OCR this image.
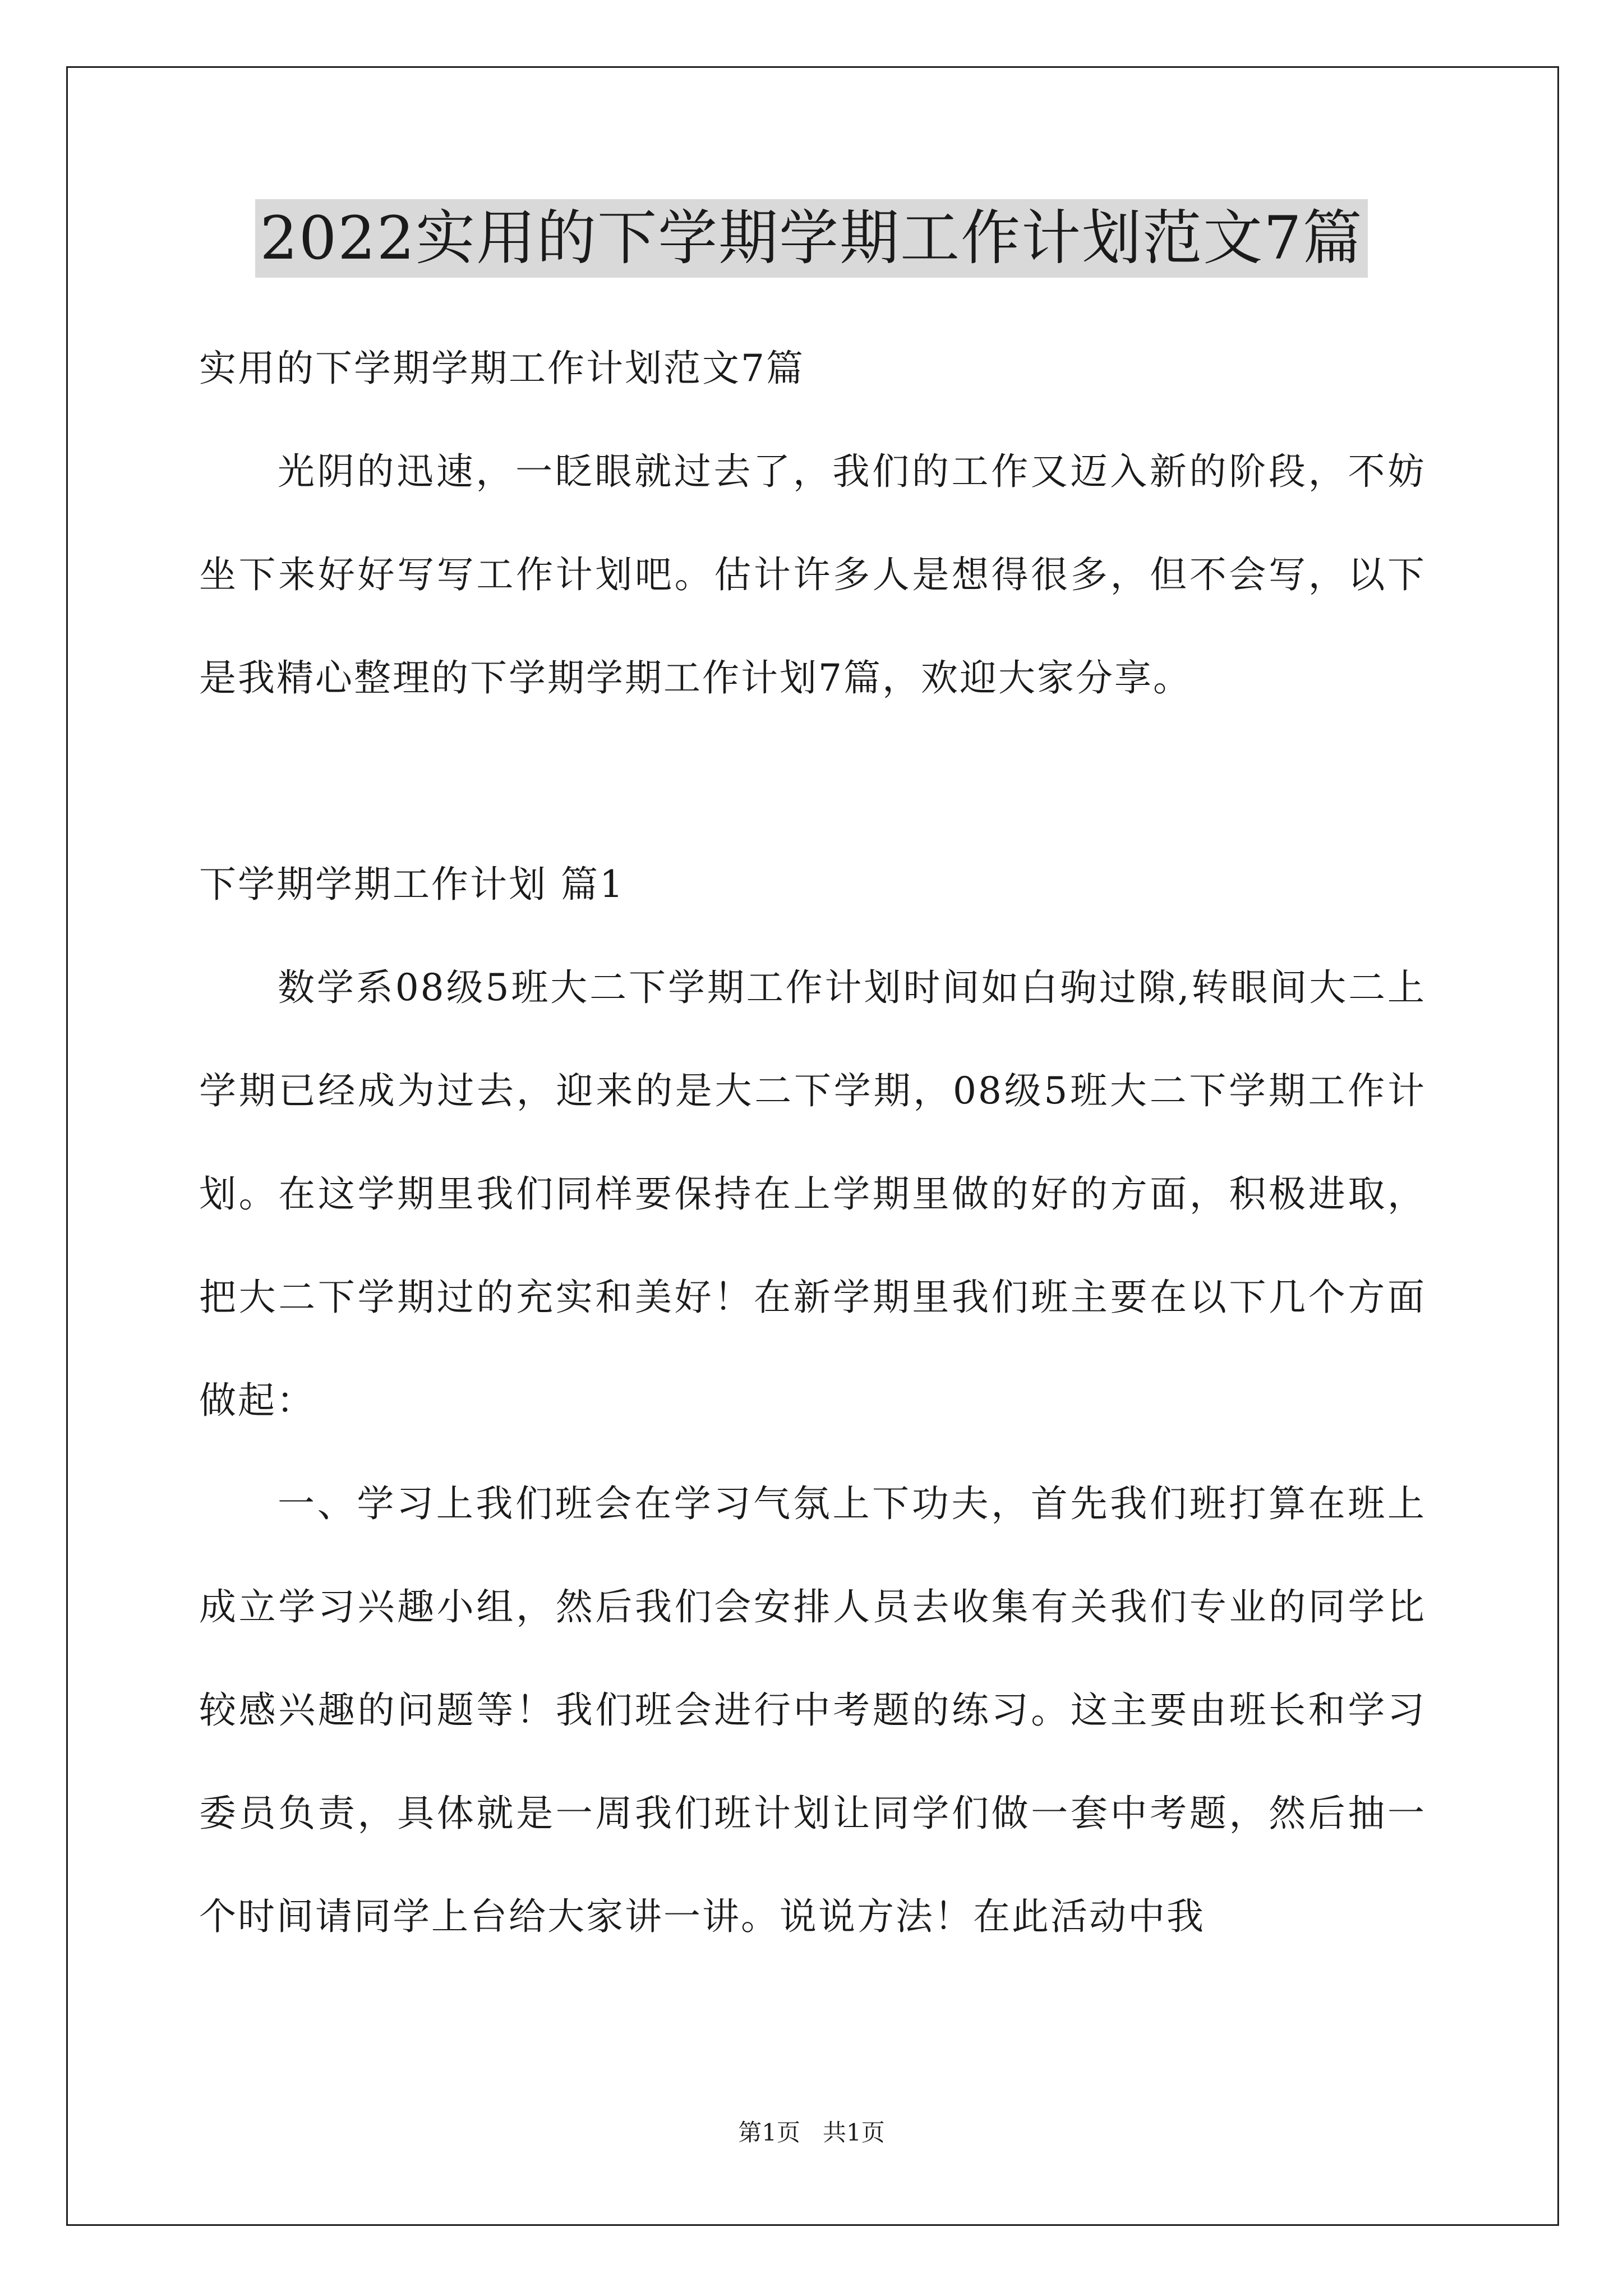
2022实用的下学期学期工作计划范文7篇

实用的下学期学期工作计划范文7篇

光阴的迅速，一眨眼就过去了，我们的工作又迈入新的阶段，不妨坐下来好好写写工作计划吧。估计许多人是想得很多，但不会写，以下是我精心整理的下学期学期工作计划7篇，欢迎大家分享。

下学期学期工作计划 篇1

数学系08级5班大二下学期工作计划时间如白驹过隙,转眼间大二上学期已经成为过去，迎来的是大二下学期，08级5班大二下学期工作计划。在这学期里我们同样要保持在上学期里做的好的方面，积极进取，把大二下学期过的充实和美好！在新学期里我们班主要在以下几个方面做起：

一、学习上我们班会在学习气氛上下功夫，首先我们班打算在班上成立学习兴趣小组，然后我们会安排人员去收集有关我们专业的同学比较感兴趣的问题等！我们班会进行中考题的练习。这主要由班长和学习委员负责，具体就是一周我们班计划让同学们做一套中考题，然后抽一个时间请同学上台给大家讲一讲。说说方法！在此活动中我

第1页   共1页
